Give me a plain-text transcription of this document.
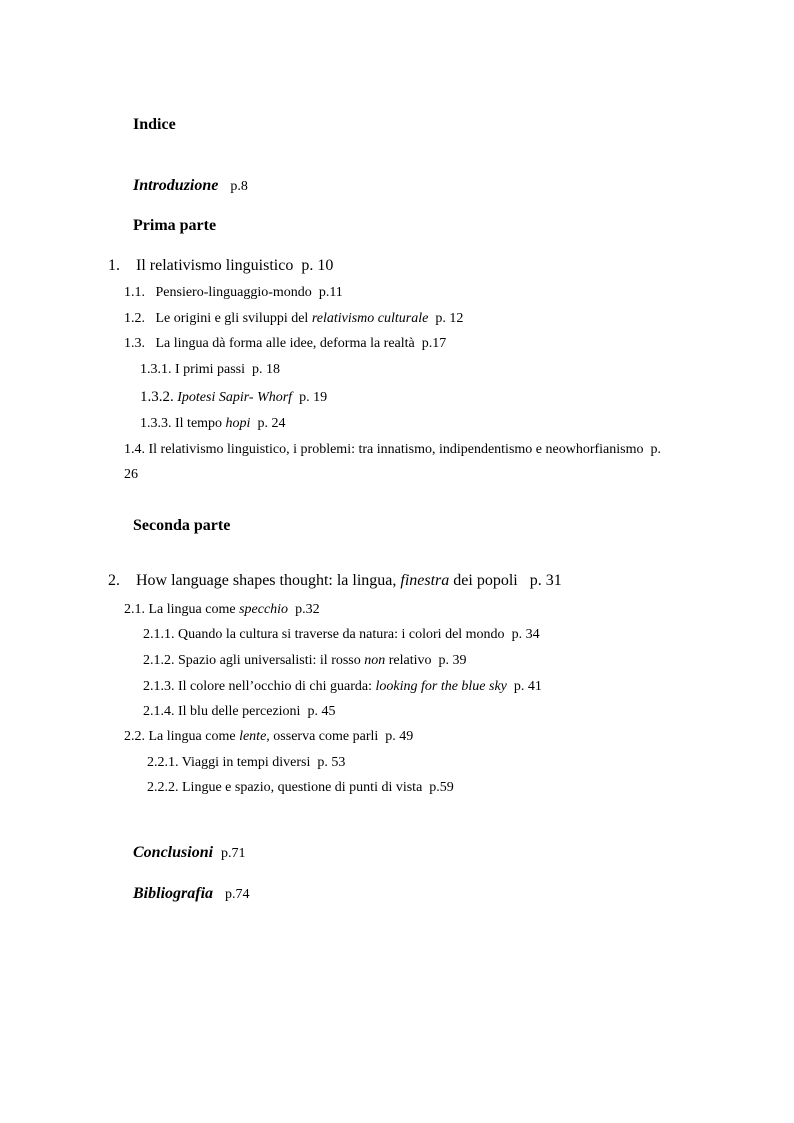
Indice
Introduzione p.8
Prima parte
1. Il relativismo linguistico p. 10
1.1. Pensiero-linguaggio-mondo p.11
1.2. Le origini e gli sviluppi del relativismo culturale p. 12
1.3. La lingua dà forma alle idee, deforma la realtà p.17
1.3.1. I primi passi p. 18
1.3.2. Ipotesi Sapir- Whorf p. 19
1.3.3. Il tempo hopi p. 24
1.4. Il relativismo linguistico, i problemi: tra innatismo, indipendentismo e neowhorfianismo p.
26
Seconda parte
2. How language shapes thought: la lingua, finestra dei popoli p. 31
2.1. La lingua come specchio p.32
2.1.1. Quando la cultura si traverse da natura: i colori del mondo p. 34
2.1.2. Spazio agli universalisti: il rosso non relativo p. 39
2.1.3. Il colore nell’occhio di chi guarda: looking for the blue sky p. 41
2.1.4. Il blu delle percezioni p. 45
2.2. La lingua come lente, osserva come parli p. 49
2.2.1. Viaggi in tempi diversi p. 53
2.2.2. Lingue e spazio, questione di punti di vista p.59
Conclusioni p.71
Bibliografia p.74
